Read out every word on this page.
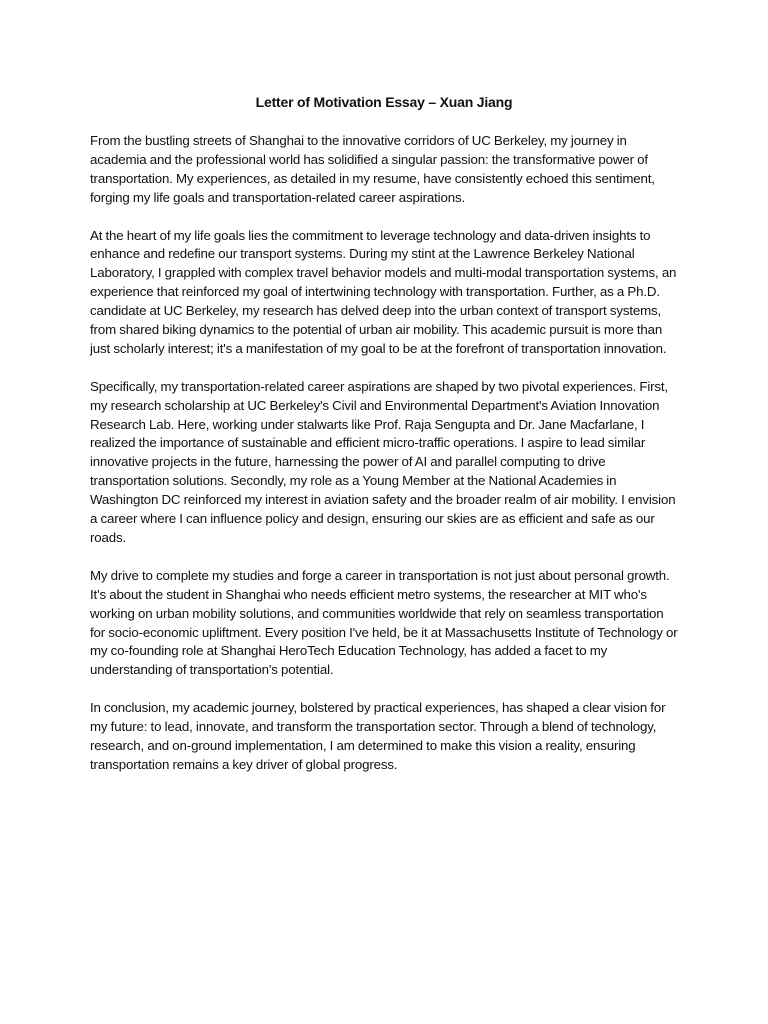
Letter of Motivation Essay – Xuan Jiang

From the bustling streets of Shanghai to the innovative corridors of UC Berkeley, my journey in academia and the professional world has solidified a singular passion: the transformative power of transportation. My experiences, as detailed in my resume, have consistently echoed this sentiment, forging my life goals and transportation-related career aspirations.

At the heart of my life goals lies the commitment to leverage technology and data-driven insights to enhance and redefine our transport systems. During my stint at the Lawrence Berkeley National Laboratory, I grappled with complex travel behavior models and multi-modal transportation systems, an experience that reinforced my goal of intertwining technology with transportation. Further, as a Ph.D. candidate at UC Berkeley, my research has delved deep into the urban context of transport systems, from shared biking dynamics to the potential of urban air mobility. This academic pursuit is more than just scholarly interest; it's a manifestation of my goal to be at the forefront of transportation innovation.

Specifically, my transportation-related career aspirations are shaped by two pivotal experiences. First, my research scholarship at UC Berkeley's Civil and Environmental Department's Aviation Innovation Research Lab. Here, working under stalwarts like Prof. Raja Sengupta and Dr. Jane Macfarlane, I realized the importance of sustainable and efficient micro-traffic operations. I aspire to lead similar innovative projects in the future, harnessing the power of AI and parallel computing to drive transportation solutions. Secondly, my role as a Young Member at the National Academies in Washington DC reinforced my interest in aviation safety and the broader realm of air mobility. I envision a career where I can influence policy and design, ensuring our skies are as efficient and safe as our roads.

My drive to complete my studies and forge a career in transportation is not just about personal growth. It's about the student in Shanghai who needs efficient metro systems, the researcher at MIT who's working on urban mobility solutions, and communities worldwide that rely on seamless transportation for socio-economic upliftment. Every position I've held, be it at Massachusetts Institute of Technology or my co-founding role at Shanghai HeroTech Education Technology, has added a facet to my understanding of transportation's potential.

In conclusion, my academic journey, bolstered by practical experiences, has shaped a clear vision for my future: to lead, innovate, and transform the transportation sector. Through a blend of technology, research, and on-ground implementation, I am determined to make this vision a reality, ensuring transportation remains a key driver of global progress.
